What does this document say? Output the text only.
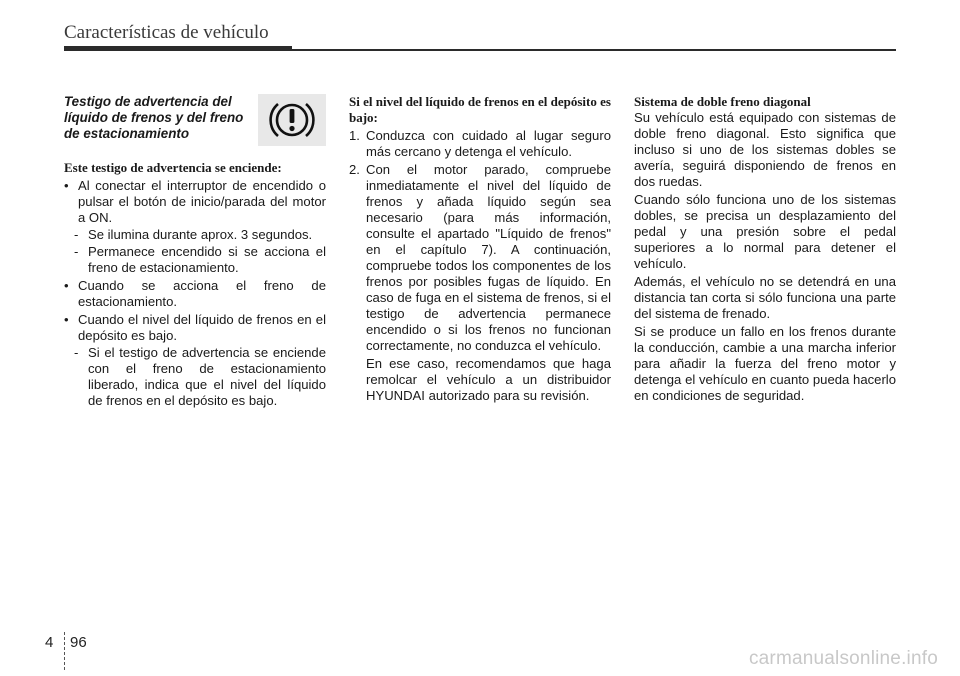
Características de vehículo
Testigo de advertencia del líquido de frenos y del freno de estacionamiento
Este testigo de advertencia se enciende:
• Al conectar el interruptor de encendido o pulsar el botón de inicio/parada del motor a ON.
- Se ilumina durante aprox. 3 segundos.
- Permanece encendido si se acciona el freno de estacionamiento.
• Cuando se acciona el freno de estacionamiento.
• Cuando el nivel del líquido de frenos en el depósito es bajo.
- Si el testigo de advertencia se enciende con el freno de estacionamiento liberado, indica que el nivel del líquido de frenos en el depósito es bajo.
Si el nivel del líquido de frenos en el depósito es bajo:
1. Conduzca con cuidado al lugar seguro más cercano y detenga el vehículo.
2. Con el motor parado, compruebe inmediatamente el nivel del líquido de frenos y añada líquido según sea necesario (para más información, consulte el apartado "Líquido de frenos" en el capítulo 7). A continuación, compruebe todos los componentes de los frenos por posibles fugas de líquido. En caso de fuga en el sistema de frenos, si el testigo de advertencia permanece encendido o si los frenos no funcionan correctamente, no conduzca el vehículo.
En ese caso, recomendamos que haga remolcar el vehículo a un distribuidor HYUNDAI autorizado para su revisión.
Sistema de doble freno diagonal

Su vehículo está equipado con sistemas de doble freno diagonal. Esto significa que incluso si uno de los sistemas dobles se avería, seguirá disponiendo de frenos en dos ruedas.

Cuando sólo funciona uno de los sistemas dobles, se precisa un desplazamiento del pedal y una presión sobre el pedal superiores a lo normal para detener el vehículo.

Además, el vehículo no se detendrá en una distancia tan corta si sólo funciona una parte del sistema de frenado.

Si se produce un fallo en los frenos durante la conducción, cambie a una marcha inferior para añadir la fuerza del freno motor y detenga el vehículo en cuanto pueda hacerlo en condiciones de seguridad.

4 96
carmanualsonline.info
